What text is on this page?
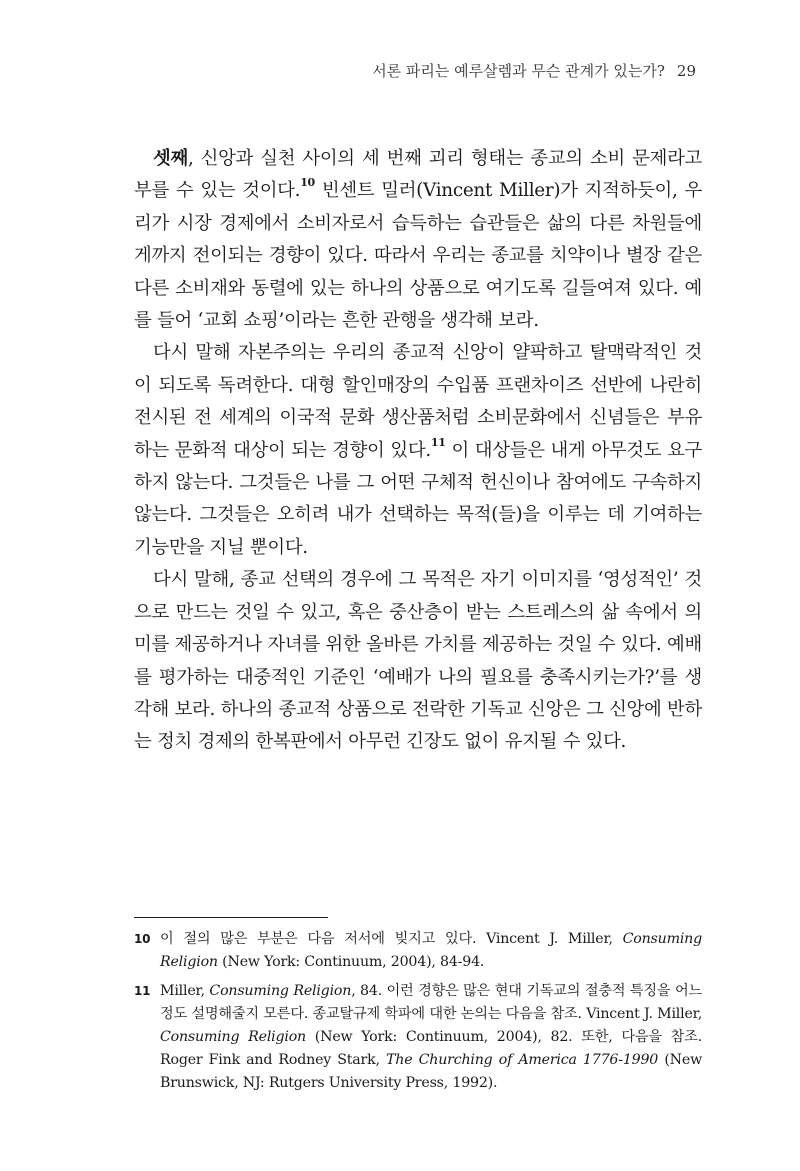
서론 파리는 예루살렘과 무슨 관계가 있는가? 29

셋째, 신앙과 실천 사이의 세 번째 괴리 형태는 종교의 소비 문제라고 부를 수 있는 것이다.$^{10}$ 빈센트 밀러(Vincent Miller)가 지적하듯이, 우리가 시장 경제에서 소비자로서 습득하는 습관들은 삶의 다른 차원들에게까지 전이되는 경향이 있다. 따라서 우리는 종교를 치약이나 별장 같은 다른 소비재와 동렬에 있는 하나의 상품으로 여기도록 길들여져 있다. 예를 들어 ‘교회 쇼핑’이라는 흔한 관행을 생각해 보라.

다시 말해 자본주의는 우리의 종교적 신앙이 얄팍하고 탈맥락적인 것이 되도록 독려한다. 대형 할인매장의 수입품 프랜차이즈 선반에 나란히 전시된 전 세계의 이국적 문화 생산품처럼 소비문화에서 신념들은 부유하는 문화적 대상이 되는 경향이 있다.$^{11}$ 이 대상들은 내게 아무것도 요구하지 않는다. 그것들은 나를 그 어떤 구체적 헌신이나 참여에도 구속하지 않는다. 그것들은 오히려 내가 선택하는 목적(들)을 이루는 데 기여하는 기능만을 지닐 뿐이다.

다시 말해, 종교 선택의 경우에 그 목적은 자기 이미지를 ‘영성적인’ 것으로 만드는 것일 수 있고, 혹은 중산층이 받는 스트레스의 삶 속에서 의미를 제공하거나 자녀를 위한 올바른 가치를 제공하는 것일 수 있다. 예배를 평가하는 대중적인 기준인 ‘예배가 나의 필요를 충족시키는가?’를 생각해 보라. 하나의 종교적 상품으로 전락한 기독교 신앙은 그 신앙에 반하는 정치 경제의 한복판에서 아무런 긴장도 없이 유지될 수 있다.

10 이 절의 많은 부분은 다음 저서에 빚지고 있다. Vincent J. Miller, Consuming Religion (New York: Continuum, 2004), 84-94.
11 Miller, Consuming Religion, 84. 이런 경향은 많은 현대 기독교의 절충적 특징을 어느 정도 설명해줄지 모른다. 종교탈규제 학파에 대한 논의는 다음을 참조. Vincent J. Miller, Consuming Religion (New York: Continuum, 2004), 82. 또한, 다음을 참조. Roger Fink and Rodney Stark, The Churching of America 1776-1990 (New Brunswick, NJ: Rutgers University Press, 1992).
